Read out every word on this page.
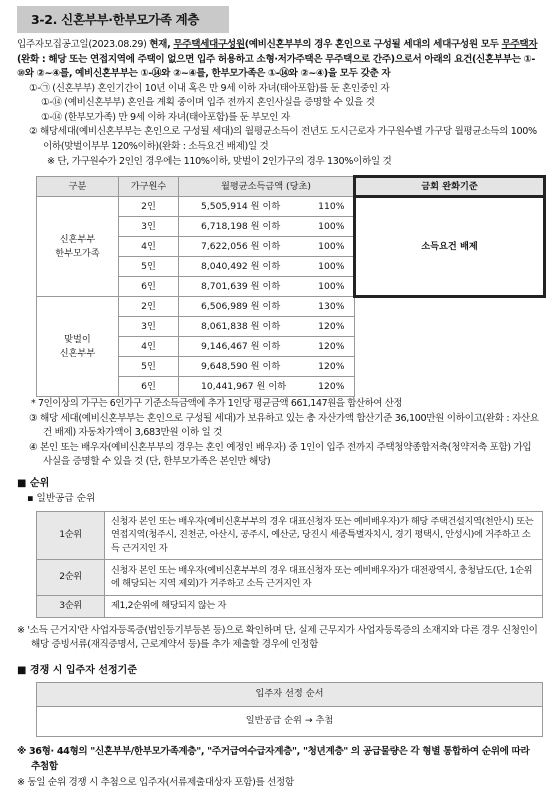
3-2. 신혼부부·한부모가족 계층
입주자모집공고일(2023.08.29) 현재, 무주택세대구성원(예비신혼부부의 경우 혼인으로 구성될 세대의 세대구성원 모두 무주택자(완화 : 해당 또는 연접지역에 주택이 없으면 입주 허용하고 소형·저가주택은 무주택으로 간주)으로서 아래의 요건(신혼부부는 ①-⑩와 ②~④를, 예비신혼부부는 ①-⑭와 ②~④를, 한부모가족은 ①-⑭와 ②~④)을 모두 갖춘 자
①-㉠ (신혼부부) 혼인기간이 10년 이내 혹은 만 9세 이하 자녀(태아포함)를 둔 혼인중인 자
①-⑭ (예비신혼부부) 혼인을 계획 중이며 입주 전까지 혼인사실을 증명할 수 있을 것
①-⑭ (한부모가족) 만 9세 이하 자녀(태아포함)를 둔 부모인 자
② 해당세대(예비신혼부부는 혼인으로 구성될 세대)의 월평균소득이 전년도 도시근로자 가구원수별 가구당 월평균소득의 100%이하(맞벌이부부 120%이하)(완화 : 소득요건 배제)일 것
※ 단, 가구원수가 2인인 경우에는 110%이하, 맞벌이 2인가구의 경우 130%이하일 것
구분	가구원수	월평균소득금액 (당초)		금회 완화기준
신혼부부
한부모가족	2인	5,505,914 원 이하	110%	소득요건 배제
	3인	6,718,198 원 이하	100%	
	4인	7,622,056 원 이하	100%	
	5인	8,040,492 원 이하	100%	
	6인	8,701,639 원 이하	100%	
맞벌이
신혼부부	2인	6,506,989 원 이하	130%	
	3인	8,061,838 원 이하	120%	
	4인	9,146,467 원 이하	120%	
	5인	9,648,590 원 이하	120%	
	6인	10,441,967 원 이하	120%	
* 7인이상의 가구는 6인가구 기준소득금액에 추가 1인당 평균금액 661,147원을 합산하여 산정
③ 해당 세대(예비신혼부부는 혼인으로 구성될 세대)가 보유하고 있는 총 자산가액 합산기준 36,100만원 이하이고(완화 : 자산요건 배제) 자동차가액이 3,683만원 이하 일 것
④ 본인 또는 배우자(예비신혼부부의 경우는 혼인 예정인 배우자) 중 1인이 입주 전까지 주택청약종합저축(청약저축 포함) 가입사실을 증명할 수 있을 것 (단, 한부모가족은 본인만 해당)
■ 순위
▪ 일반공급 순위
1순위	신청자 본인 또는 배우자(예비신혼부부의 경우 대표신청자 또는 예비배우자)가 해당 주택건설지역(천안시) 또는 연접지역(청주시, 진천군, 아산시, 공주시, 예산군, 당진시 세종특별자치시, 경기 평택시, 안성시)에 거주하고 소득 근거지인 자
2순위	신청자 본인 또는 배우자(예비신혼부부의 경우 대표신청자 또는 예비배우자)가 대전광역시, 충청남도(단, 1순위에 해당되는 지역 제외)가 거주하고 소득 근거지인 자
3순위	제1,2순위에 해당되지 않는 자
※ '소득 근거지'란 사업자등록증(법인등기부등본 등)으로 확인하며 단, 실제 근무지가 사업자등록증의 소재지와 다른 경우 신청인이 해당 증빙서류(재직증명서, 근로계약서 등)를 추가 제출할 경우에 인정함
■ 경쟁 시 입주자 선정기준
입주자 선정 순서
일반공급 순위 → 추첨
※ 36형· 44형의 "신혼부부/한부모가족계층", "주거급여수급자계층", "청년계층" 의 공급물량은 각 형별 통합하여 순위에 따라 추첨함
※ 동일 순위 경쟁 시 추첨으로 입주자(서류제출대상자 포함)를 선정함
